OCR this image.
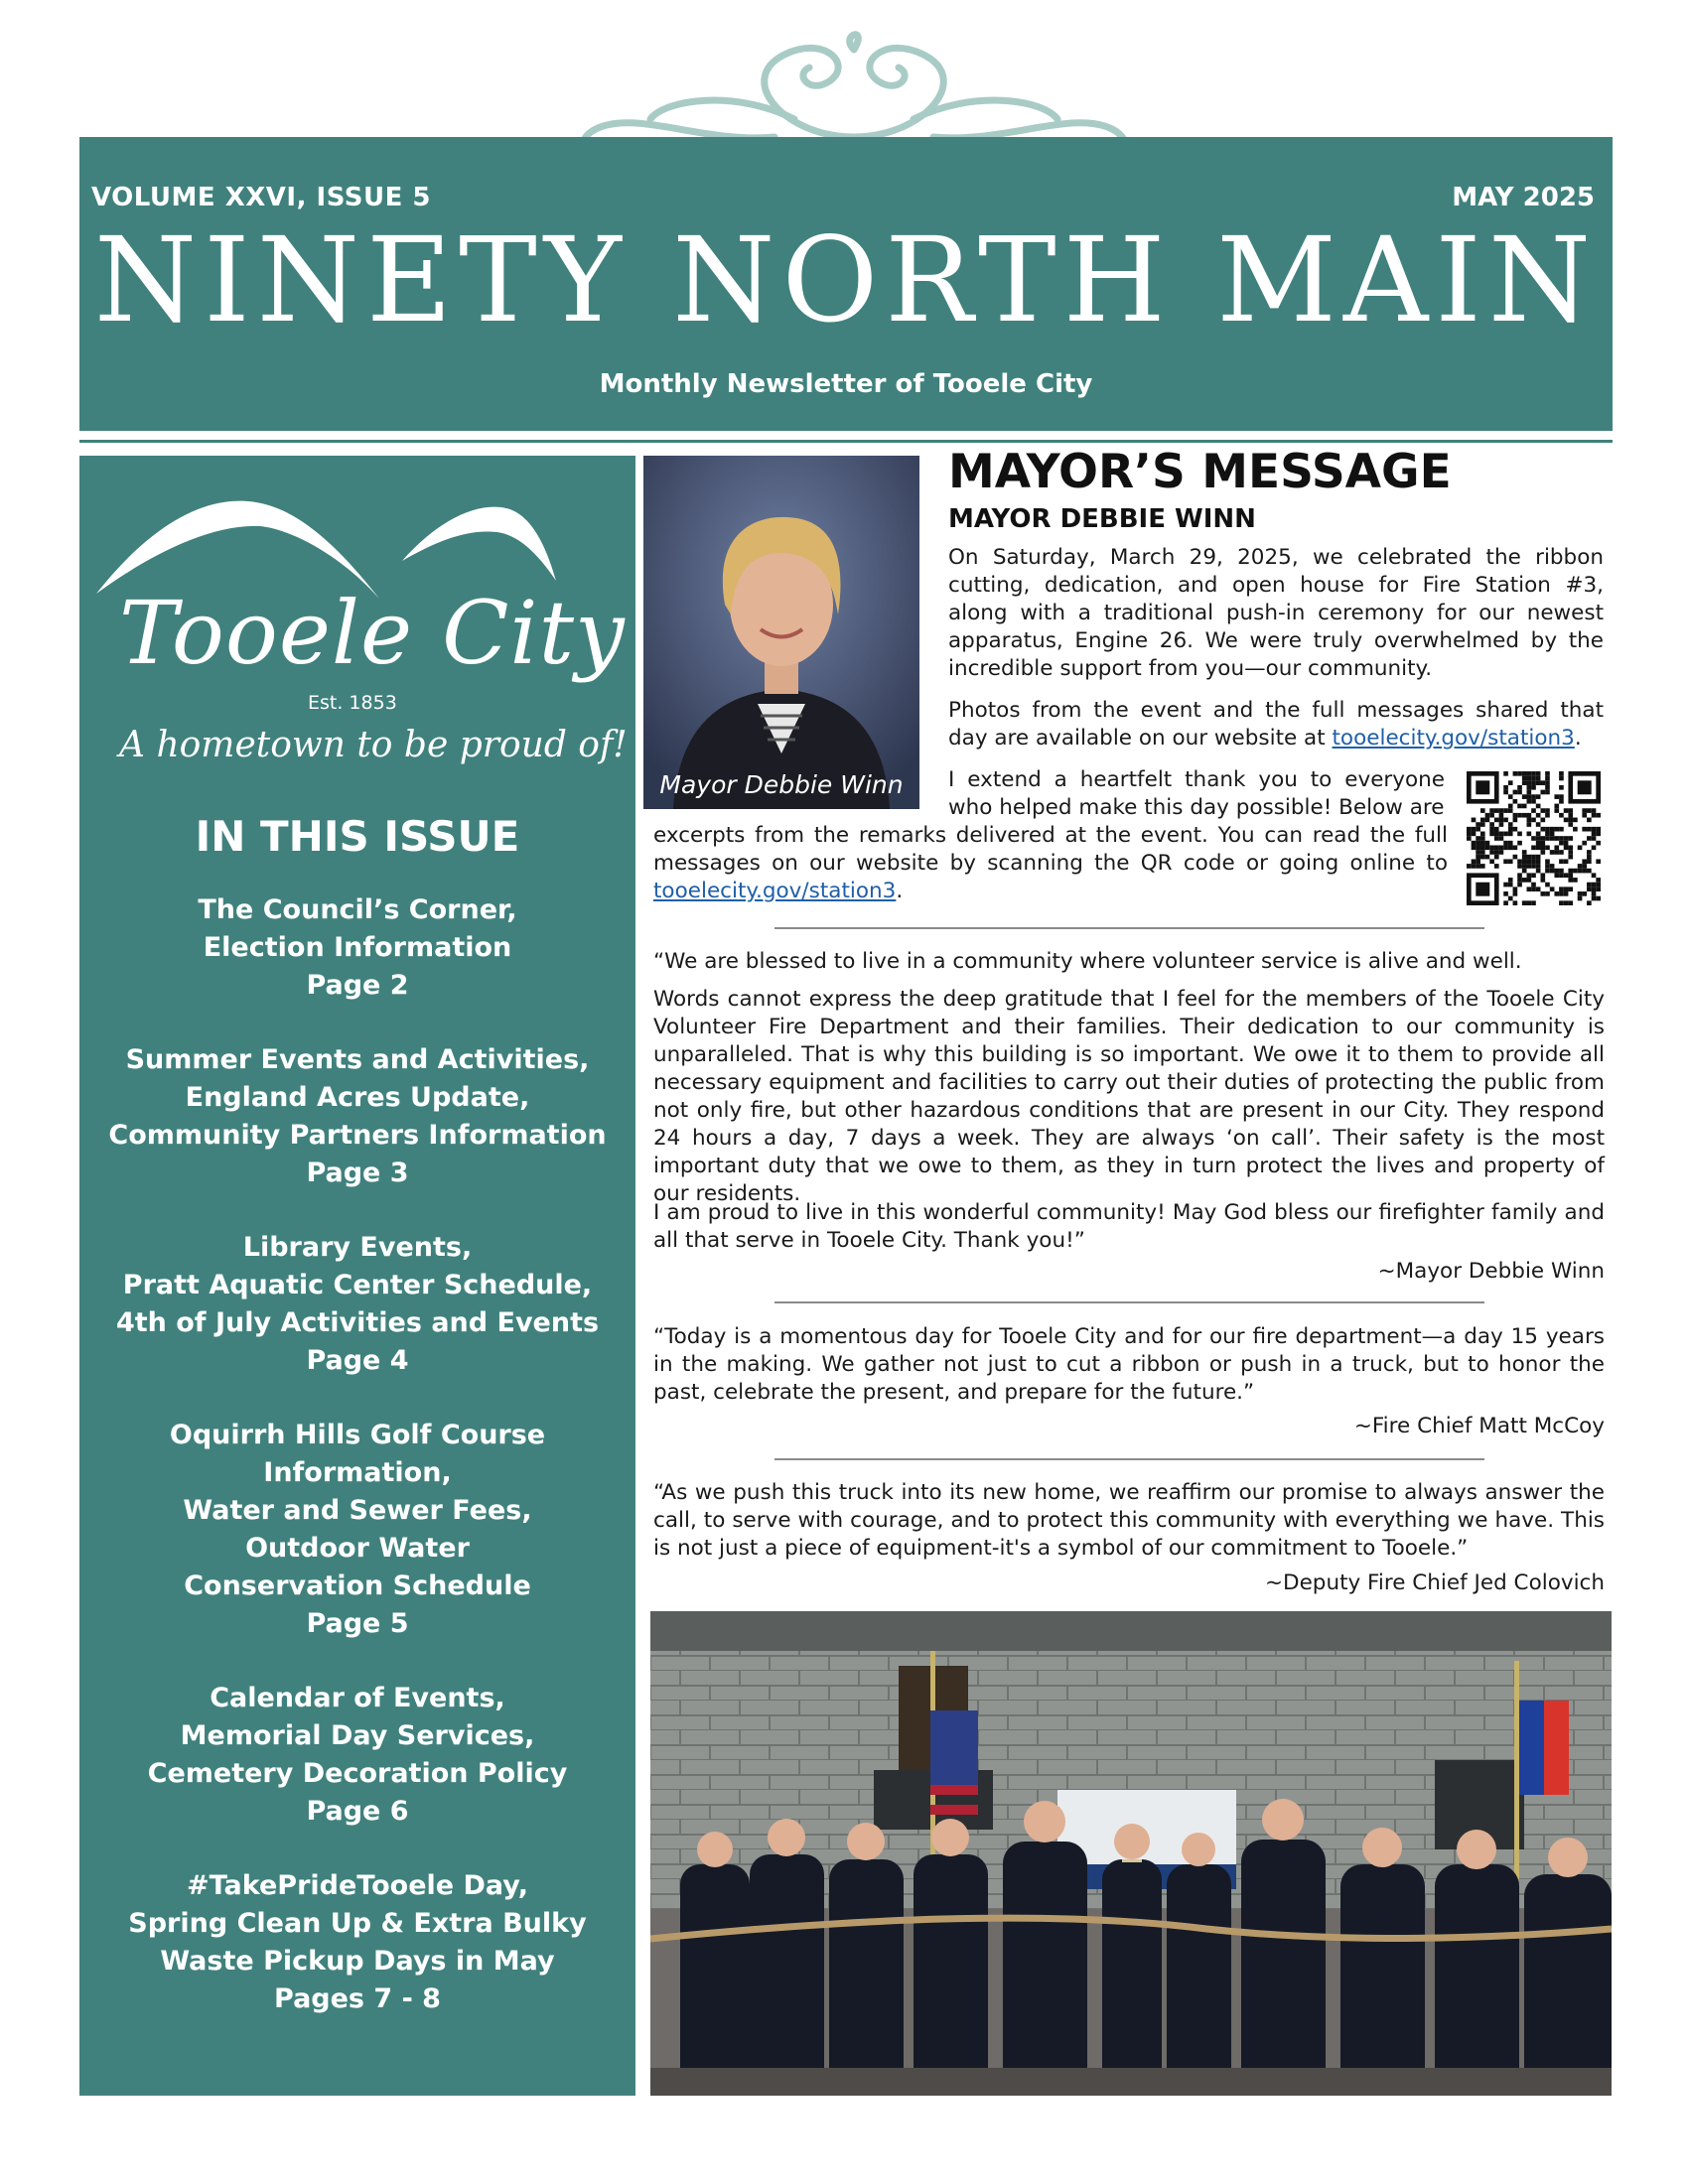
VOLUME XXVI, ISSUE 5	MAY 2025
NINETY NORTH MAIN
Monthly Newsletter of Tooele City
Tooele City
Est. 1853
A hometown to be proud of!
IN THIS ISSUE
The Council’s Corner,
Election Information
Page 2
Summer Events and Activities,
England Acres Update,
Community Partners Information
Page 3
Library Events,
Pratt Aquatic Center Schedule,
4th of July Activities and Events
Page 4
Oquirrh Hills Golf Course
Information,
Water and Sewer Fees,
Outdoor Water
Conservation Schedule
Page 5
Calendar of Events,
Memorial Day Services,
Cemetery Decoration Policy
Page 6
#TakePrideTooele Day,
Spring Clean Up & Extra Bulky
Waste Pickup Days in May
Pages 7 - 8
Mayor Debbie Winn
MAYOR’S MESSAGE
MAYOR DEBBIE WINN
On Saturday, March 29, 2025, we celebrated the ribbon cutting, dedication, and open house for Fire Station #3, along with a traditional push-in ceremony for our newest apparatus, Engine 26. We were truly overwhelmed by the incredible support from you—our community.
Photos from the event and the full messages shared that day are available on our website at tooelecity.gov/station3.
I extend a heartfelt thank you to everyone who helped make this day possible! Below are
excerpts from the remarks delivered at the event. You can read the full messages on our website by scanning the QR code or going online to tooelecity.gov/station3.
“We are blessed to live in a community where volunteer service is alive and well.
Words cannot express the deep gratitude that I feel for the members of the Tooele City Volunteer Fire Department and their families. Their dedication to our community is unparalleled. That is why this building is so important. We owe it to them to provide all necessary equipment and facilities to carry out their duties of protecting the public from not only fire, but other hazardous conditions that are present in our City. They respond 24 hours a day, 7 days a week. They are always ‘on call’. Their safety is the most important duty that we owe to them, as they in turn protect the lives and property of our residents.
I am proud to live in this wonderful community! May God bless our firefighter family and all that serve in Tooele City. Thank you!”
~Mayor Debbie Winn
“Today is a momentous day for Tooele City and for our fire department—a day 15 years in the making. We gather not just to cut a ribbon or push in a truck, but to honor the past, celebrate the present, and prepare for the future.”
~Fire Chief Matt McCoy
“As we push this truck into its new home, we reaffirm our promise to always answer the call, to serve with courage, and to protect this community with everything we have. This is not just a piece of equipment-it's a symbol of our commitment to Tooele.”
~Deputy Fire Chief Jed Colovich
